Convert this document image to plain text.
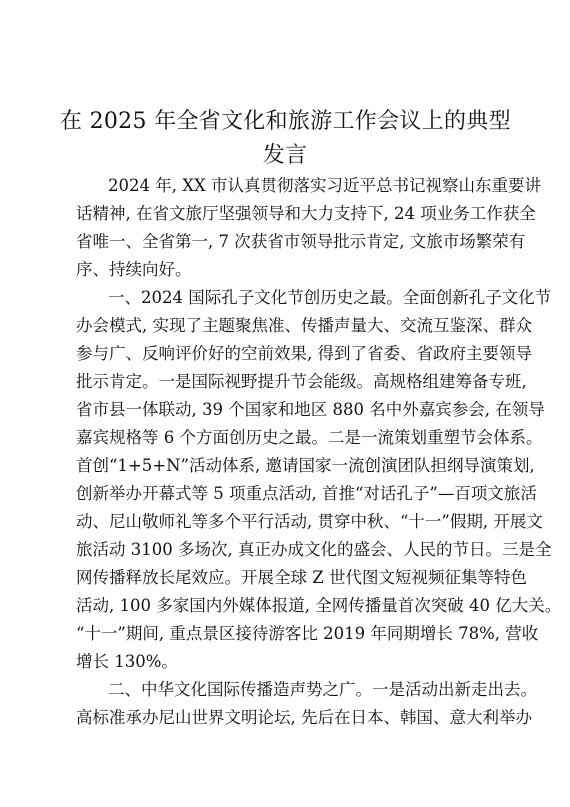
在 2025 年全省文化和旅游工作会议上的典型
发言
2024 年, XX 市认真贯彻落实习近平总书记视察山东重要讲
话精神, 在省文旅厅坚强领导和大力支持下, 24 项业务工作获全
省唯一、全省第一, 7 次获省市领导批示肯定, 文旅市场繁荣有
序、持续向好。
一、2024 国际孔子文化节创历史之最。全面创新孔子文化节
办会模式, 实现了主题聚焦准、传播声量大、交流互鉴深、群众
参与广、反响评价好的空前效果, 得到了省委、省政府主要领导
批示肯定。一是国际视野提升节会能级。高规格组建筹备专班,
省市县一体联动, 39 个国家和地区 880 名中外嘉宾参会, 在领导
嘉宾规格等 6 个方面创历史之最。二是一流策划重塑节会体系。
首创“1+5+N”活动体系, 邀请国家一流创演团队担纲导演策划,
创新举办开幕式等 5 项重点活动, 首推“对话孔子”—百项文旅活
动、尼山敬师礼等多个平行活动, 贯穿中秋、“十一”假期, 开展文
旅活动 3100 多场次, 真正办成文化的盛会、人民的节日。三是全
网传播释放长尾效应。开展全球 Z 世代图文短视频征集等特色
活动, 100 多家国内外媒体报道, 全网传播量首次突破 40 亿大关。
“十一”期间, 重点景区接待游客比 2019 年同期增长 78%, 营收
增长 130%。
二、中华文化国际传播造声势之广。一是活动出新走出去。
高标准承办尼山世界文明论坛, 先后在日本、韩国、意大利举办
